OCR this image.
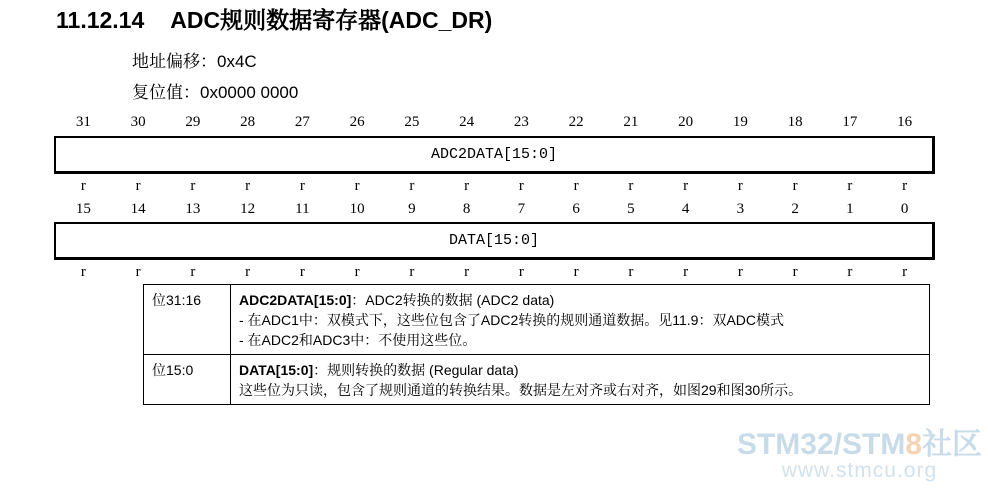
11.12.14 ADC规则数据寄存器(ADC_DR)
地址偏移：0x4C
复位值：0x0000 0000
31	30	29	28	27	26	25	24	23	22	21	20	19	18	17	16
ADC2DATA[15:0]
r	r	r	r	r	r	r	r	r	r	r	r	r	r	r	r
15	14	13	12	11	10	9	8	7	6	5	4	3	2	1	0
DATA[15:0]
r	r	r	r	r	r	r	r	r	r	r	r	r	r	r	r
位31:16	ADC2DATA[15:0]：ADC2转换的数据 (ADC2 data)
- 在ADC1中：双模式下，这些位包含了ADC2转换的规则通道数据。见11.9：双ADC模式
- 在ADC2和ADC3中：不使用这些位。
位15:0	DATA[15:0]：规则转换的数据 (Regular data)
这些位为只读，包含了规则通道的转换结果。数据是左对齐或右对齐，如图29和图30所示。
STM32/STM8社区
www.stmcu.org
